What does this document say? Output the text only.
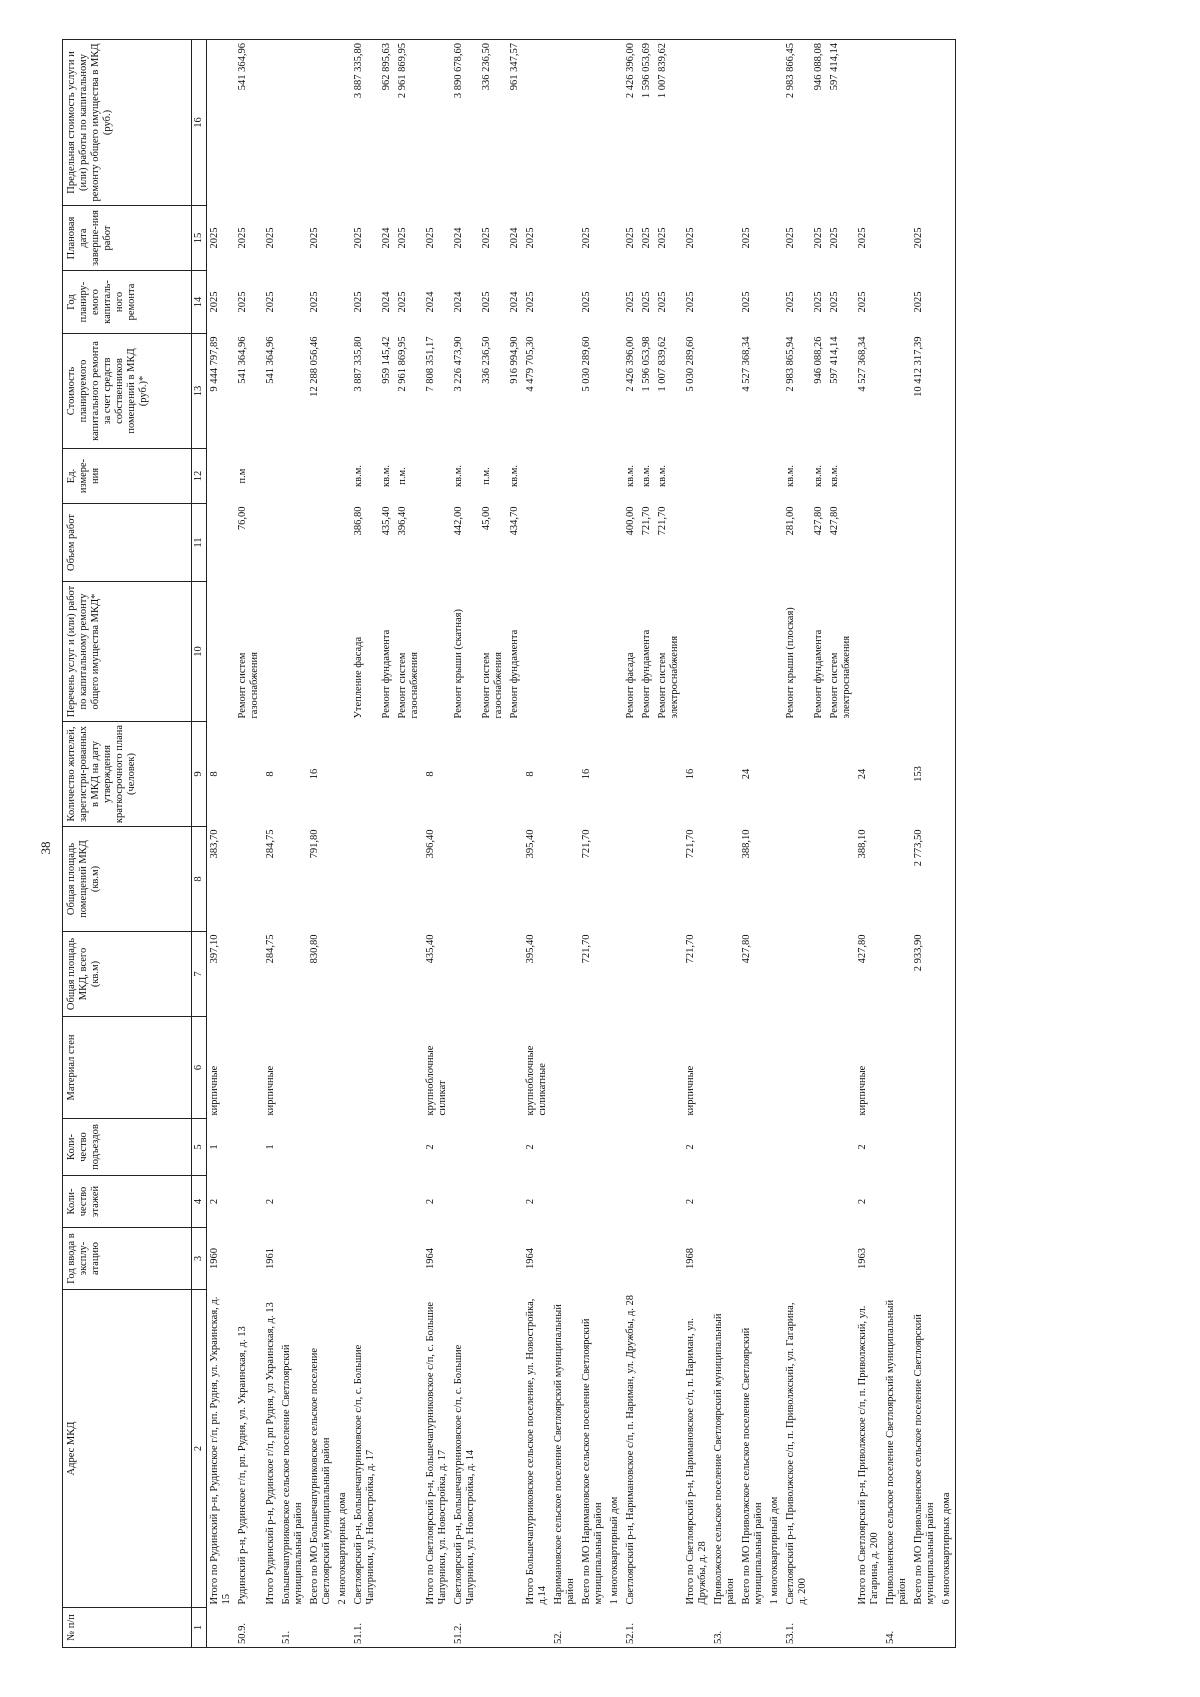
38
№ п/п	Адрес МКД	Год ввода в эксплу-атацию	Коли-чество этажей	Коли-чество подъездов	Материал стен	Общая площадь МКД, всего (кв.м)	Общая площадь помещений МКД (кв.м)	Количество жителей, зарегистри-рованных в МКД на дату утверждения краткосрочного плана (человек)	Перечень услуг и (или) работ по капитальному ремонту общего имущества МКД*	Объем работ	Ед. измере-ния	Стоимость планируемого капитального ремонта за счет средств собственников помещений в МКД (руб.)*	Год планиру-емого капиталь-ного ремонта	Плановая дата заверше-ния работ	Предельная стоимость услуги и (или) работы по капитальному ремонту общего имущества в МКД (руб.)
1	2	3	4	5	6	7	8	9	10	11	12	13	14	15	16
	Итого по Рудинский р-н, Рудинское г/п, рп. Рудня, ул. Украинская, д. 15	1960	2	1	кирпичные	397,10	383,70	8				9 444 797,89	2025	2025	
50.9.	Рудинский р-н, Рудинское г/п, рп. Рудня, ул. Украинская, д. 13								Ремонт систем газоснабжения	76,00	п.м	541 364,96	2025	2025	541 364,96
	Итого Рудинский р-н, Рудинское г/п, рп Рудня, ул Украинская, д. 13	1961	2	1	кирпичные	284,75	284,75	8				541 364,96	2025	2025	
51.	Большечапурниковское сельское поселение Светлоярский муниципальный район														
	Всего по МО Большечапурниковское сельское поселение Светлоярский муниципальный район					830,80	791,80	16				12 288 056,46	2025	2025	
	2 многоквартирных дома														
51.1.	Светлоярский р-н, Большечапурниковское с/п, с. Большие Чапурники, ул. Новостройка, д. 17								Утепление фасада	386,80	кв.м.	3 887 335,80	2025	2025	3 887 335,80
									Ремонт фундамента	435,40	кв.м.	959 145,42	2024	2024	962 895,63
									Ремонт систем газоснабжения	396,40	п.м.	2 961 869,95	2025	2025	2 961 869,95
	Итого по Светлоярский р-н, Большечапурниковское с/п, с. Большие Чапурники, ул. Новостройка, д. 17	1964	2	2	крупноблочные силикат	435,40	396,40	8				7 808 351,17	2024	2025	
51.2.	Светлоярский р-н, Большечапурниковское с/п, с. Большие Чапурники, ул. Новостройка, д. 14								Ремонт крыши (скатная)	442,00	кв.м.	3 226 473,90	2024	2024	3 890 678,60
									Ремонт систем газоснабжения	45,00	п.м.	336 236,50	2025	2025	336 236,50
									Ремонт фундамента	434,70	кв.м.	916 994,90	2024	2024	961 347,57
	Итого Большечапурниковское сельское поселение, ул. Новостройка, д.14	1964	2	2	крупноблочные силикатные	395,40	395,40	8				4 479 705,30	2025	2025	
52.	Наримановское сельское поселение Светлоярский муниципальный район														
	Всего по МО Наримановское сельское поселение Светлоярский муниципальный район					721,70	721,70	16				5 030 289,60	2025	2025	
	1 многоквартирный дом														
52.1.	Светлоярский р-н, Наримановское с/п, п. Нариман, ул. Дружбы, д. 28								Ремонт фасада	400,00	кв.м.	2 426 396,00	2025	2025	2 426 396,00
									Ремонт фундамента	721,70	кв.м.	1 596 053,98	2025	2025	1 596 053,69
									Ремонт систем электроснабжения	721,70	кв.м.	1 007 839,62	2025	2025	1 007 839,62
	Итого по Светлоярский р-н, Наримановское с/п, п. Нариман, ул. Дружбы, д. 28	1968	2	2	кирпичные	721,70	721,70	16				5 030 289,60	2025	2025	
53.	Приволжское сельское поселение Светлоярский муниципальный район														
	Всего по МО Приволжское сельское поселение Светлоярский муниципальный район					427,80	388,10	24				4 527 368,34	2025	2025	
	1 многоквартирный дом														
53.1.	Светлоярский р-н, Приволжское с/п, п. Приволжский, ул. Гагарина, д. 200								Ремонт крыши (плоская)	281,00	кв.м.	2 983 865,94	2025	2025	2 983 866,45
									Ремонт фундамента	427,80	кв.м.	946 088,26	2025	2025	946 088,08
									Ремонт систем электроснабжения	427,80	кв.м.	597 414,14	2025	2025	597 414,14
	Итого по Светлоярский р-н, Приволжское с/п, п. Приволжский, ул. Гагарина, д. 200	1963	2	2	кирпичные	427,80	388,10	24				4 527 368,34	2025	2025	
54.	Привольненское сельское поселение Светлоярский муниципальный район														
	Всего по МО Привольненское сельское поселение Светлоярский муниципальный район					2 933,90	2 773,50	153				10 412 317,39	2025	2025	
	6 многоквартирных дома														
